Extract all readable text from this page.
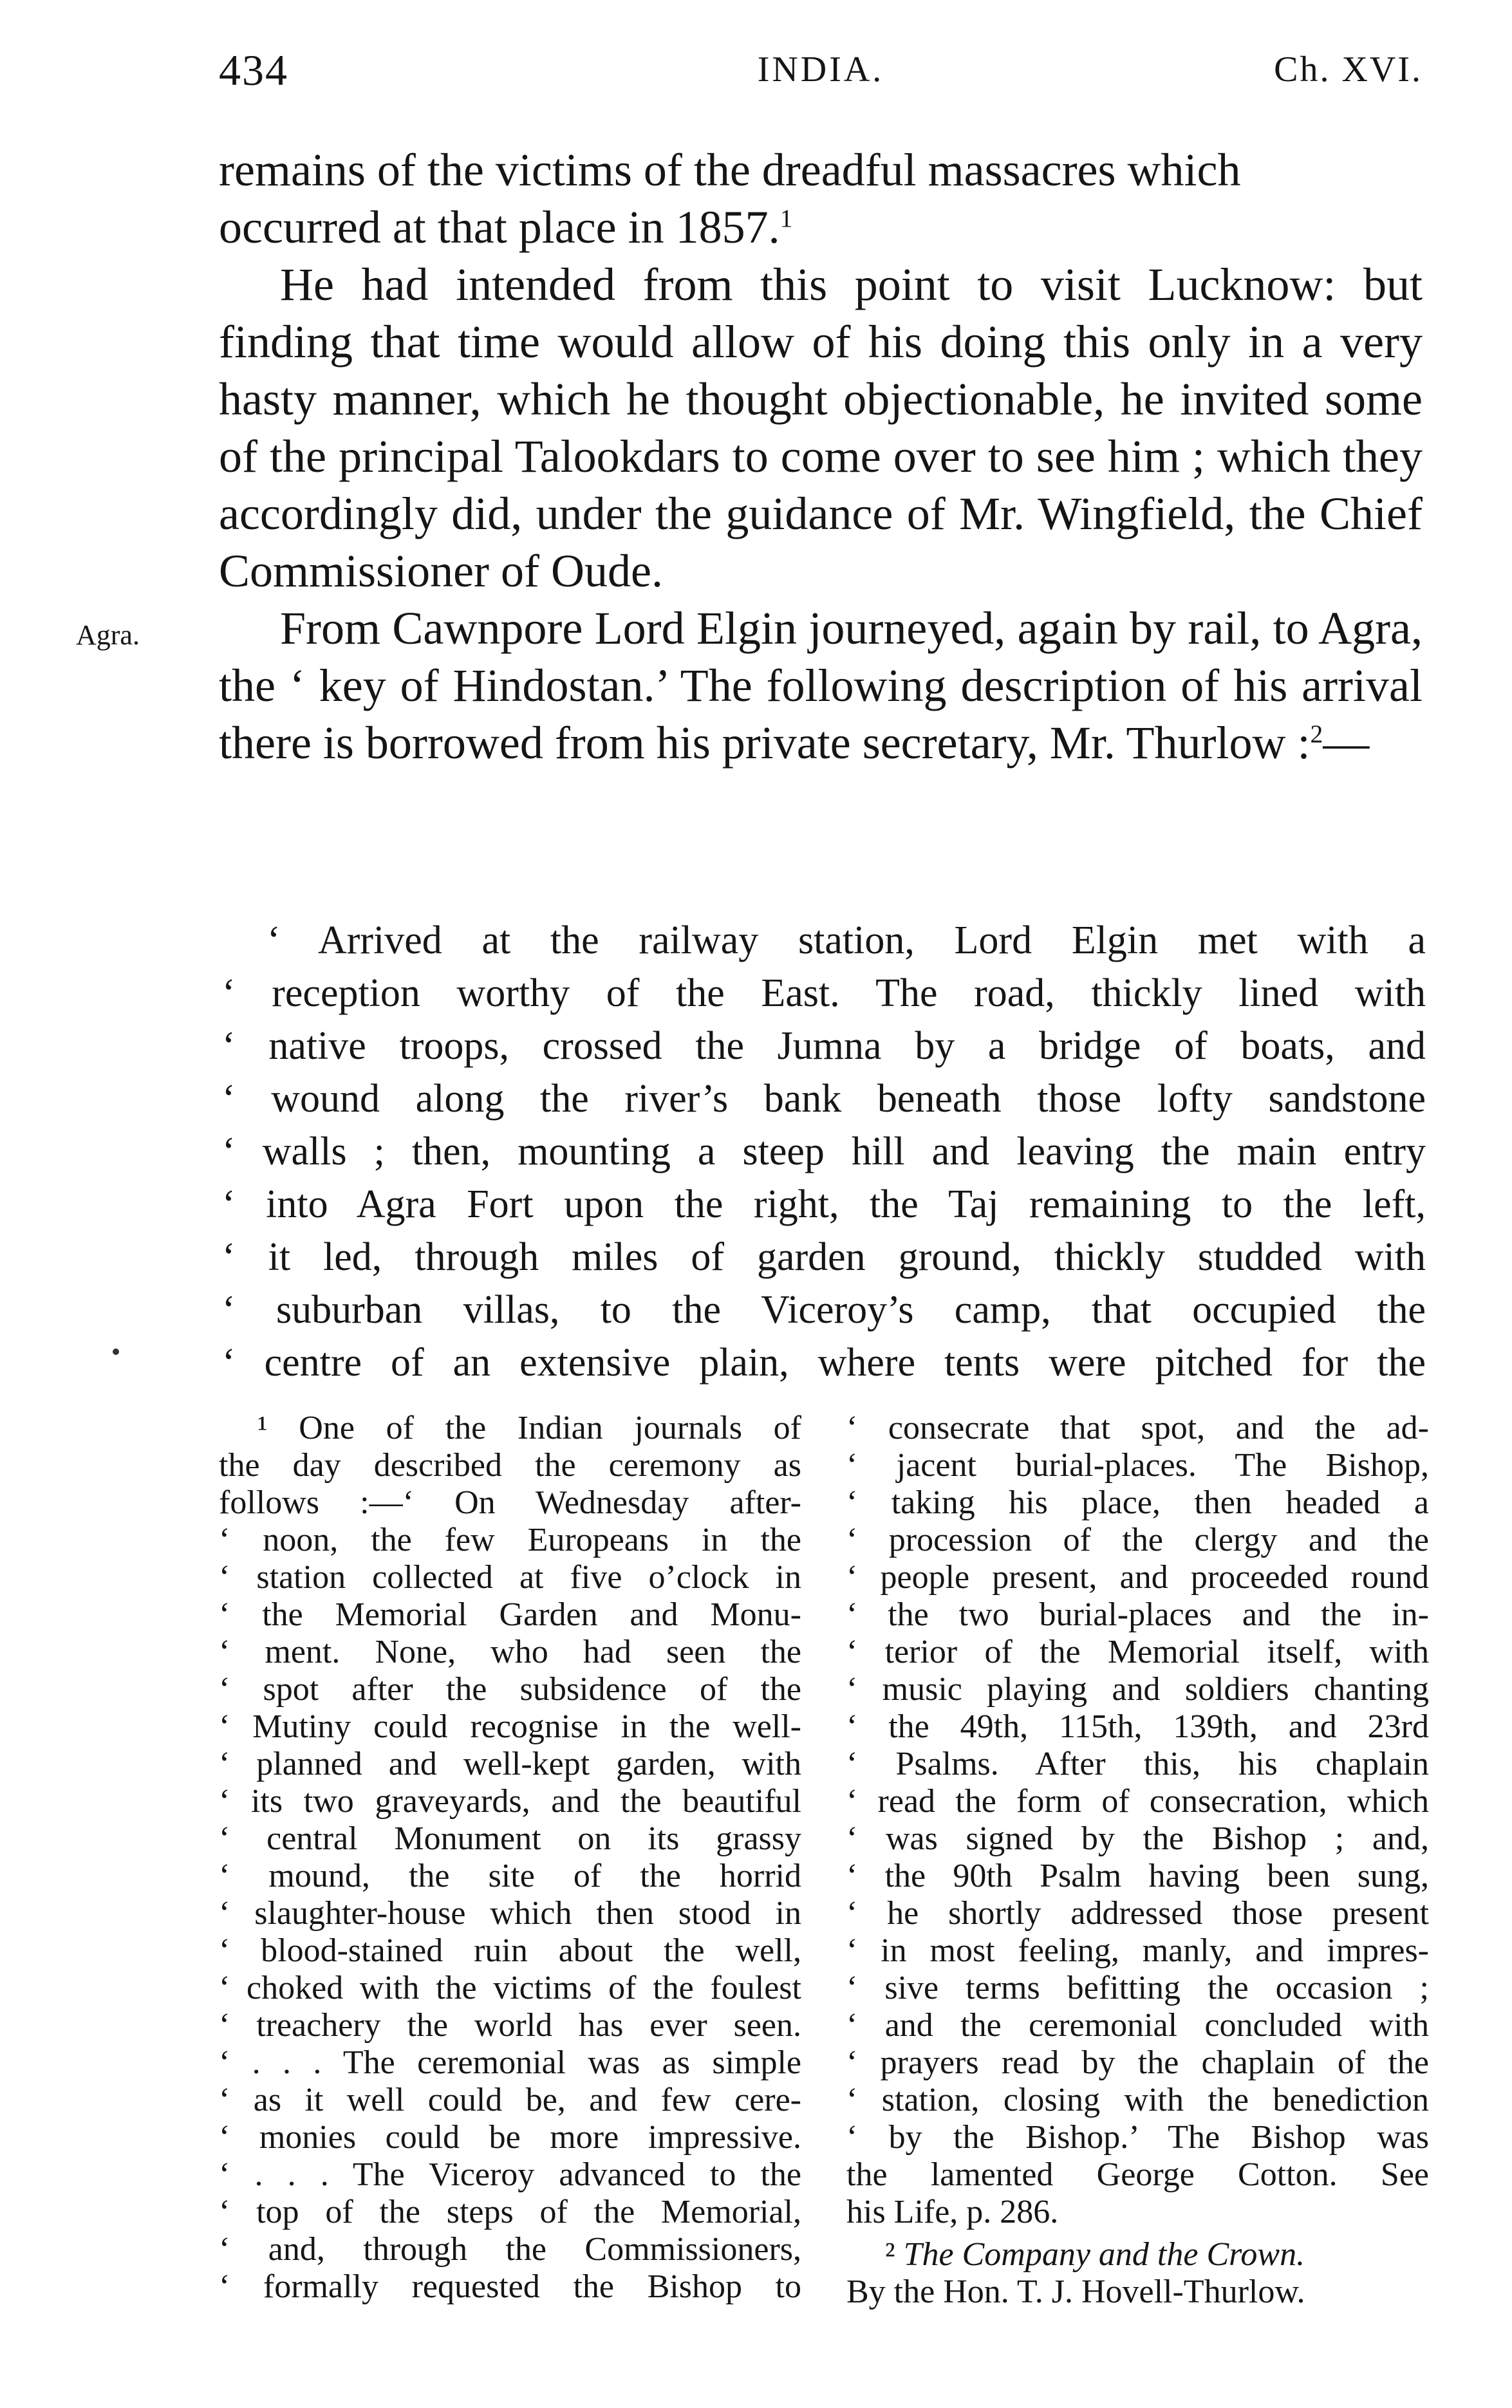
434	INDIA.	Ch. XVI.

remains of the victims of the dreadful massacres which
occurred at that place in 1857.$^1$

He had intended from this point to visit Lucknow: but finding that time would allow of his doing this only in a very hasty manner, which he thought objectionable, he invited some of the principal Talookdars to come over to see him ; which they accordingly did, under the guidance of Mr. Wingfield, the Chief Commissioner of Oude.

Agra.	From Cawnpore Lord Elgin journeyed, again by rail, to Agra, the ‘ key of Hindostan.’ The following description of his arrival there is borrowed from his private secretary, Mr. Thurlow :$^2$—

‘ Arrived at the railway station, Lord Elgin met with a
‘ reception worthy of the East. The road, thickly lined with
‘ native troops, crossed the Jumna by a bridge of boats, and
‘ wound along the river’s bank beneath those lofty sandstone
‘ walls ; then, mounting a steep hill and leaving the main entry
‘ into Agra Fort upon the right, the Taj remaining to the left,
‘ it led, through miles of garden ground, thickly studded with
‘ suburban villas, to the Viceroy’s camp, that occupied the
‘ centre of an extensive plain, where tents were pitched for the
¹ One of the Indian journals of
the day described the ceremony as
follows :—‘ On Wednesday after-
‘ noon, the few Europeans in the
‘ station collected at five o’clock in
‘ the Memorial Garden and Monu-
‘ ment. None, who had seen the
‘ spot after the subsidence of the
‘ Mutiny could recognise in the well-
‘ planned and well-kept garden, with
‘ its two graveyards, and the beautiful
‘ central Monument on its grassy
‘ mound, the site of the horrid
‘ slaughter-house which then stood in
‘ blood-stained ruin about the well,
‘ choked with the victims of the foulest
‘ treachery the world has ever seen.
‘ . . . The ceremonial was as simple
‘ as it well could be, and few cere-
‘ monies could be more impressive.
‘ . . . The Viceroy advanced to the
‘ top of the steps of the Memorial,
‘ and, through the Commissioners,
‘ formally requested the Bishop to
‘ consecrate that spot, and the ad-
‘ jacent burial-places. The Bishop,
‘ taking his place, then headed a
‘ procession of the clergy and the
‘ people present, and proceeded round
‘ the two burial-places and the in-
‘ terior of the Memorial itself, with
‘ music playing and soldiers chanting
‘ the 49th, 115th, 139th, and 23rd
‘ Psalms. After this, his chaplain
‘ read the form of consecration, which
‘ was signed by the Bishop ; and,
‘ the 90th Psalm having been sung,
‘ he shortly addressed those present
‘ in most feeling, manly, and impres-
‘ sive terms befitting the occasion ;
‘ and the ceremonial concluded with
‘ prayers read by the chaplain of the
‘ station, closing with the benediction
‘ by the Bishop.’ The Bishop was
the lamented George Cotton. See
his Life, p. 286.
² The Company and the Crown.
By the Hon. T. J. Hovell-Thurlow.
